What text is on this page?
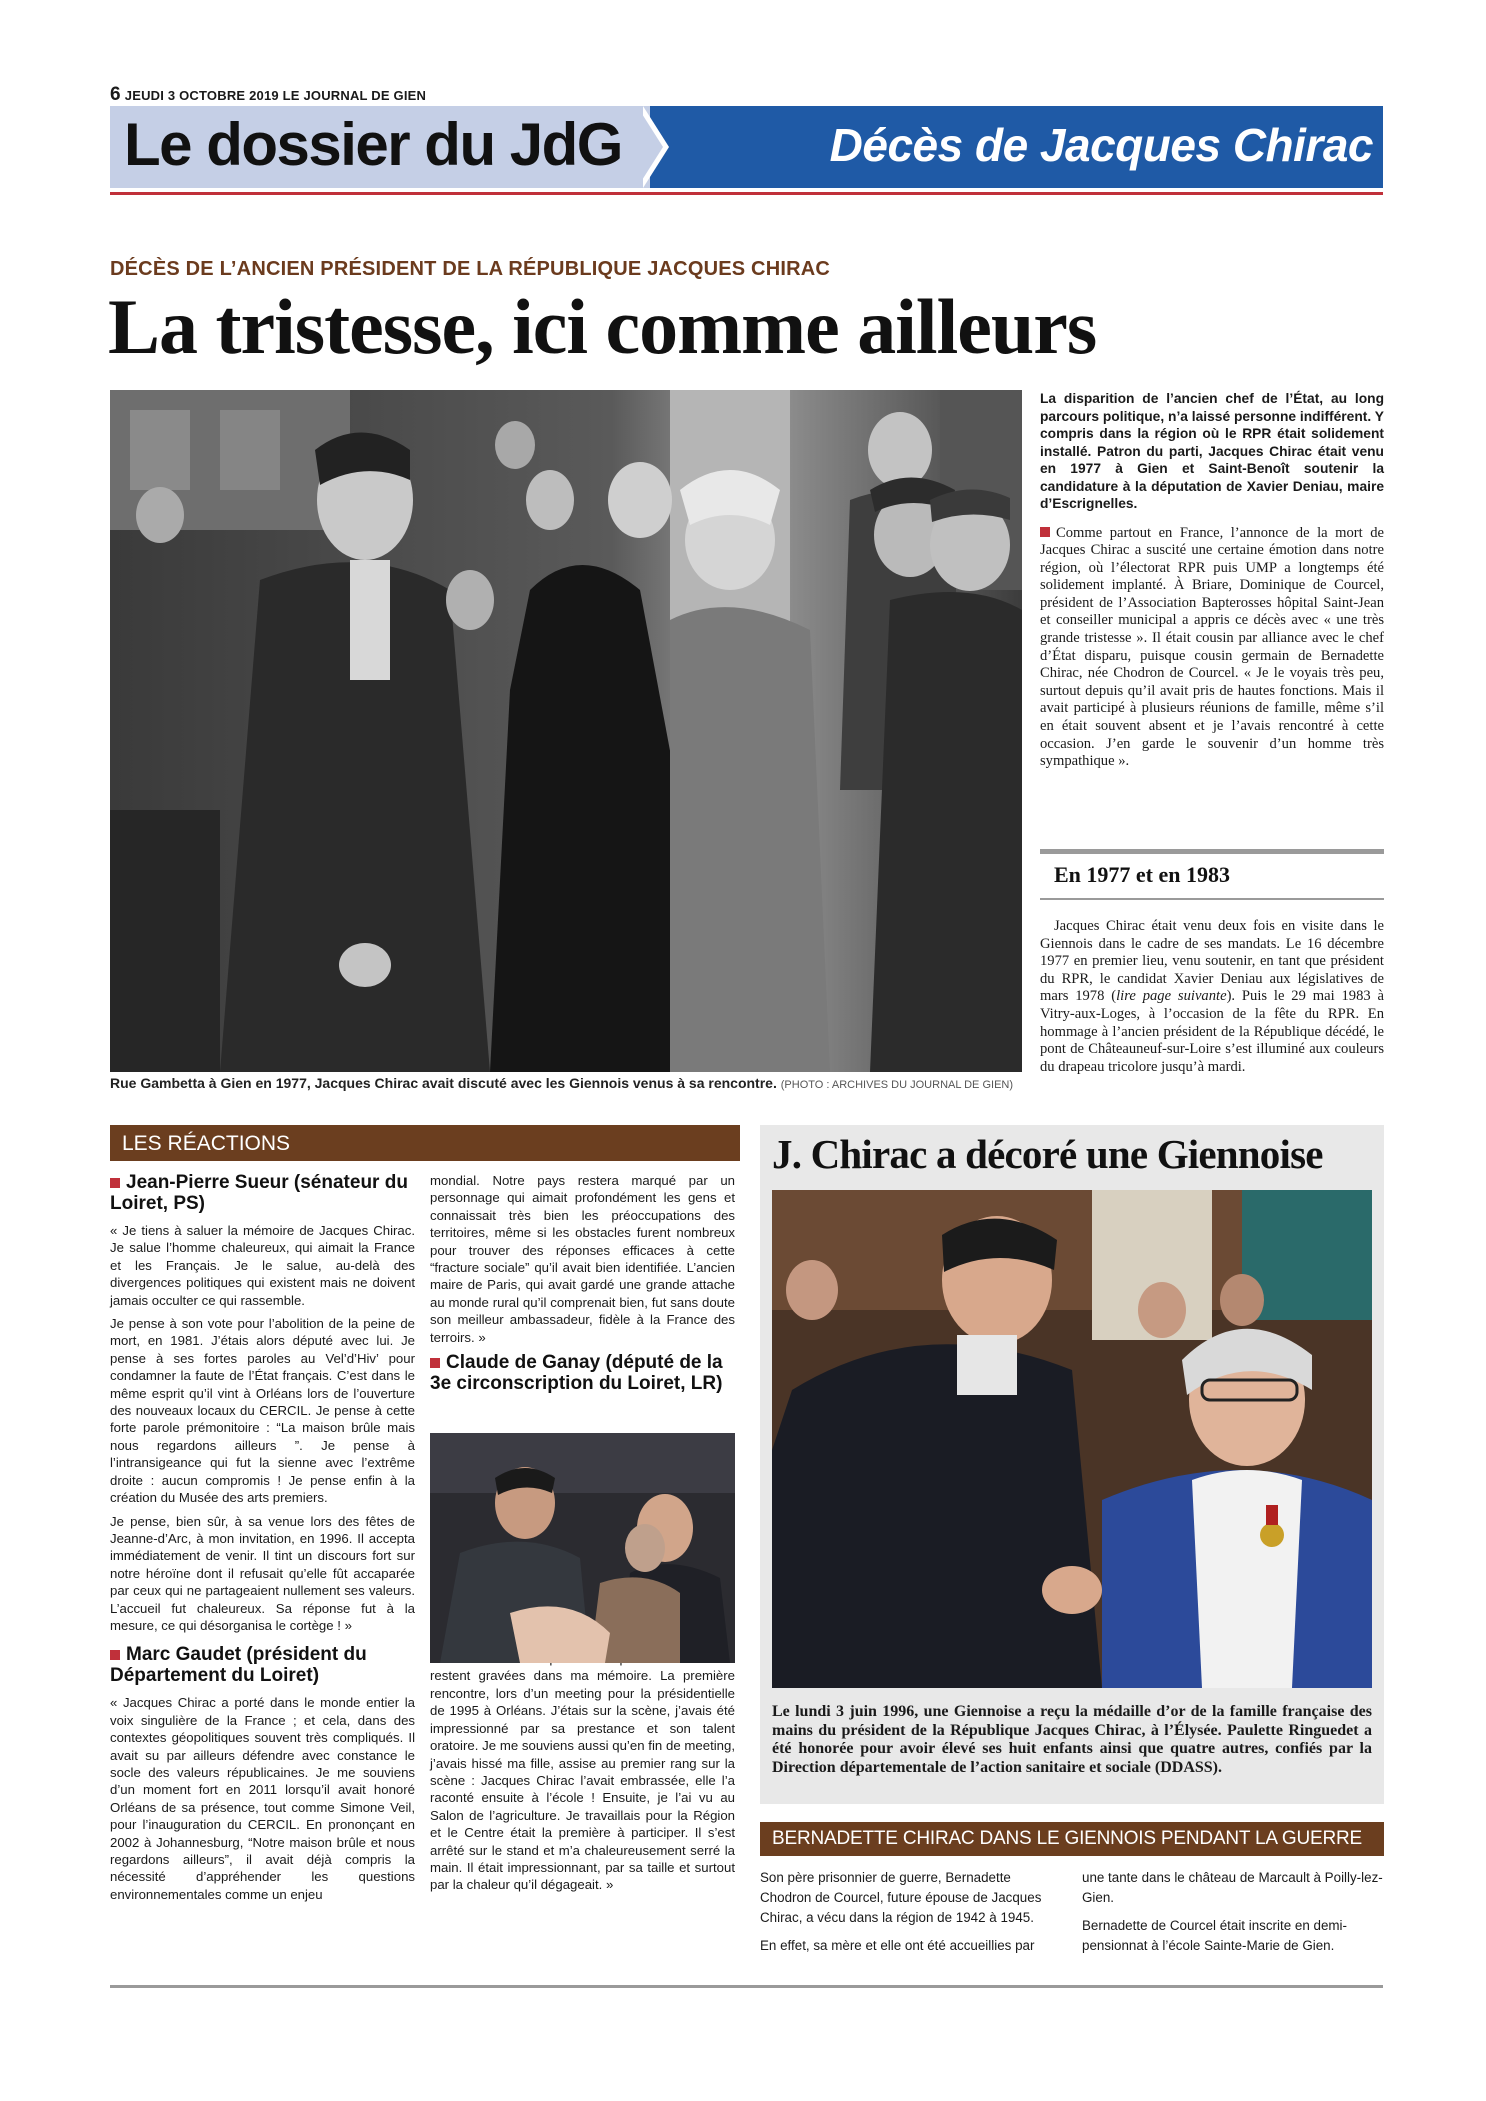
6 JEUDI 3 OCTOBRE 2019 LE JOURNAL DE GIEN
Le dossier du JdG	Décès de Jacques Chirac
DÉCÈS DE L’ANCIEN PRÉSIDENT DE LA RÉPUBLIQUE JACQUES CHIRAC
La tristesse, ici comme ailleurs
Rue Gambetta à Gien en 1977, Jacques Chirac avait discuté avec les Giennois venus à sa rencontre. (PHOTO : ARCHIVES DU JOURNAL DE GIEN)

La disparition de l’ancien chef de l’État, au long parcours politique, n’a laissé personne indifférent. Y compris dans la région où le RPR était solidement installé. Patron du parti, Jacques Chirac était venu en 1977 à Gien et Saint-Benoît soutenir la candidature à la députation de Xavier Deniau, maire d’Escrignelles.

Comme partout en France, l’annonce de la mort de Jacques Chirac a suscité une certaine émotion dans notre région, où l’électorat RPR puis UMP a longtemps été solidement implanté. À Briare, Dominique de Courcel, président de l’Association Bapterosses hôpital Saint-Jean et conseiller municipal a appris ce décès avec « une très grande tristesse ». Il était cousin par alliance avec le chef d’État disparu, puisque cousin germain de Bernadette Chirac, née Chodron de Courcel. « Je le voyais très peu, surtout depuis qu’il avait pris de hautes fonctions. Mais il avait participé à plusieurs réunions de famille, même s’il en était souvent absent et je l’avais rencontré à cette occasion. J’en garde le souvenir d’un homme très sympathique ».

En 1977 et en 1983

Jacques Chirac était venu deux fois en visite dans le Giennois dans le cadre de ses mandats. Le 16 décembre 1977 en premier lieu, venu soutenir, en tant que président du RPR, le candidat Xavier Deniau aux législatives de mars 1978 (lire page suivante). Puis le 29 mai 1983 à Vitry-aux-Loges, à l’occasion de la fête du RPR. En hommage à l’ancien président de la République décédé, le pont de Châteauneuf-sur-Loire s’est illuminé aux couleurs du drapeau tricolore jusqu’à mardi.

LES RÉACTIONS
Jean-Pierre Sueur (sénateur du Loiret, PS)

« Je tiens à saluer la mémoire de Jacques Chirac. Je salue l’homme chaleureux, qui aimait la France et les Français. Je le salue, au-delà des divergences politiques qui existent mais ne doivent jamais occulter ce qui rassemble.

Je pense à son vote pour l’abolition de la peine de mort, en 1981. J’étais alors député avec lui. Je pense à ses fortes paroles au Vel’d’Hiv’ pour condamner la faute de l’État français. C’est dans le même esprit qu’il vint à Orléans lors de l’ouverture des nouveaux locaux du CERCIL. Je pense à cette forte parole prémonitoire : “La maison brûle mais nous regardons ailleurs ”. Je pense à l’intransigeance qui fut la sienne avec l’extrême droite : aucun compromis ! Je pense enfin à la création du Musée des arts premiers.

Je pense, bien sûr, à sa venue lors des fêtes de Jeanne-d’Arc, à mon invitation, en 1996. Il accepta immédiatement de venir. Il tint un discours fort sur notre héroïne dont il refusait qu’elle fût accaparée par ceux qui ne partageaient nullement ses valeurs. L’accueil fut chaleureux. Sa réponse fut à la mesure, ce qui désorganisa le cortège ! »

Marc Gaudet (président du Département du Loiret)

« Jacques Chirac a porté dans le monde entier la voix singulière de la France ; et cela, dans des contextes géopolitiques souvent très compliqués. Il avait su par ailleurs défendre avec constance le socle des valeurs républicaines. Je me souviens d’un moment fort en 2011 lorsqu’il avait honoré Orléans de sa présence, tout comme Simone Veil, pour l’inauguration du CERCIL. En prononçant en 2002 à Johannesburg, “Notre maison brûle et nous regardons ailleurs”, il avait déjà compris la nécessité d’appréhender les questions environnementales comme un enjeu

mondial. Notre pays restera marqué par un personnage qui aimait profondément les gens et connaissait très bien les préoccupations des territoires, même si les obstacles furent nombreux pour trouver des réponses efficaces à cette “fracture sociale” qu’il avait bien identifiée. L’ancien maire de Paris, qui avait gardé une grande attache au monde rural qu’il comprenait bien, fut sans doute son meilleur ambassadeur, fidèle à la France des terroirs. »

Claude de Ganay (député de la 3e circonscription du Loiret, LR)

restent gravées dans ma mémoire. La première rencontre, lors d’un meeting pour la présidentielle de 1995 à Orléans. J’étais sur la scène, j’avais été impressionné par sa prestance et son talent oratoire. Je me souviens aussi qu’en fin de meeting, j’avais hissé ma fille, assise au premier rang sur la scène : Jacques Chirac l’avait embrassée, elle l’a raconté ensuite à l’école ! Ensuite, je l’ai vu au Salon de l’agriculture. Je travaillais pour la Région et le Centre était la première à participer. Il s’est arrêté sur le stand et m’a chaleureusement serré la main. Il était impressionnant, par sa taille et surtout par la chaleur qu’il dégageait. »

J. Chirac a décoré une Giennoise
Le lundi 3 juin 1996, une Giennoise a reçu la médaille d’or de la famille française des mains du président de la République Jacques Chirac, à l’Élysée. Paulette Ringuedet a été honorée pour avoir élevé ses huit enfants ainsi que quatre autres, confiés par la Direction départementale de l’action sanitaire et sociale (DDASS).
BERNADETTE CHIRAC DANS LE GIENNOIS PENDANT LA GUERRE

Son père prisonnier de guerre, Bernadette Chodron de Courcel, future épouse de Jacques Chirac, a vécu dans la région de 1942 à 1945.

En effet, sa mère et elle ont été accueillies par

une tante dans le château de Marcault à Poilly-lez-Gien.

Bernadette de Courcel était inscrite en demi-pensionnat à l’école Sainte-Marie de Gien.
